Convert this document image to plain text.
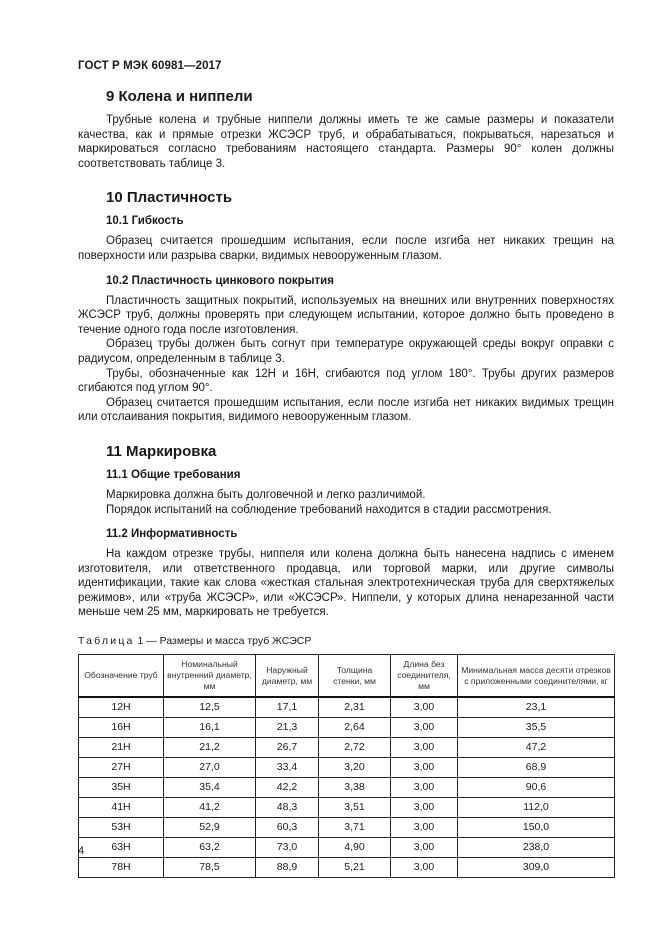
ГОСТ Р МЭК 60981—2017
9 Колена и ниппели

Трубные колена и трубные ниппели должны иметь те же самые размеры и показатели качества, как и прямые отрезки ЖСЭСР труб, и обрабатываться, покрываться, нарезаться и маркироваться согласно требованиям настоящего стандарта. Размеры 90° колен должны соответствовать таблице 3.

10 Пластичность
10.1 Гибкость

Образец считается прошедшим испытания, если после изгиба нет никаких трещин на поверхности или разрыва сварки, видимых невооруженным глазом.

10.2 Пластичность цинкового покрытия

Пластичность защитных покрытий, используемых на внешних или внутренних поверхностях ЖСЭСР труб, должны проверять при следующем испытании, которое должно быть проведено в течение одного года после изготовления.

Образец трубы должен быть согнут при температуре окружающей среды вокруг оправки с радиусом, определенным в таблице 3.

Трубы, обозначенные как 12Н и 16Н, сгибаются под углом 180°. Трубы других размеров сгибаются под углом 90°.

Образец считается прошедшим испытания, если после изгиба нет никаких видимых трещин или отслаивания покрытия, видимого невооруженным глазом.

11 Маркировка
11.1 Общие требования

Маркировка должна быть долговечной и легко различимой.

Порядок испытаний на соблюдение требований находится в стадии рассмотрения.

11.2 Информативность

На каждом отрезке трубы, ниппеля или колена должна быть нанесена надпись с именем изготовителя, или ответственного продавца, или торговой марки, или другие символы идентификации, такие как слова «жесткая стальная электротехническая труба для сверхтяжелых режимов», или «труба ЖСЭСР», или «ЖСЭСР». Ниппели, у которых длина ненарезанной части меньше чем 25 мм, маркировать не требуется.

Таблица 1 — Размеры и масса труб ЖСЭСР
Обозначение труб	Номинальный внутренний диаметр, мм	Наружный диаметр, мм	Толщина стенки, мм	Длина без соединителя, мм	Минимальная масса десяти отрезков с приложенными соединителями, кг
12Н	12,5	17,1	2,31	3,00	23,1
16Н	16,1	21,3	2,64	3,00	35,5
21Н	21,2	26,7	2,72	3,00	47,2
27Н	27,0	33,4	3,20	3,00	68,9
35Н	35,4	42,2	3,38	3,00	90,6
41Н	41,2	48,3	3,51	3,00	112,0
53Н	52,9	60,3	3,71	3,00	150,0
63Н	63,2	73,0	4,90	3,00	238,0
78Н	78,5	88,9	5,21	3,00	309,0
4
